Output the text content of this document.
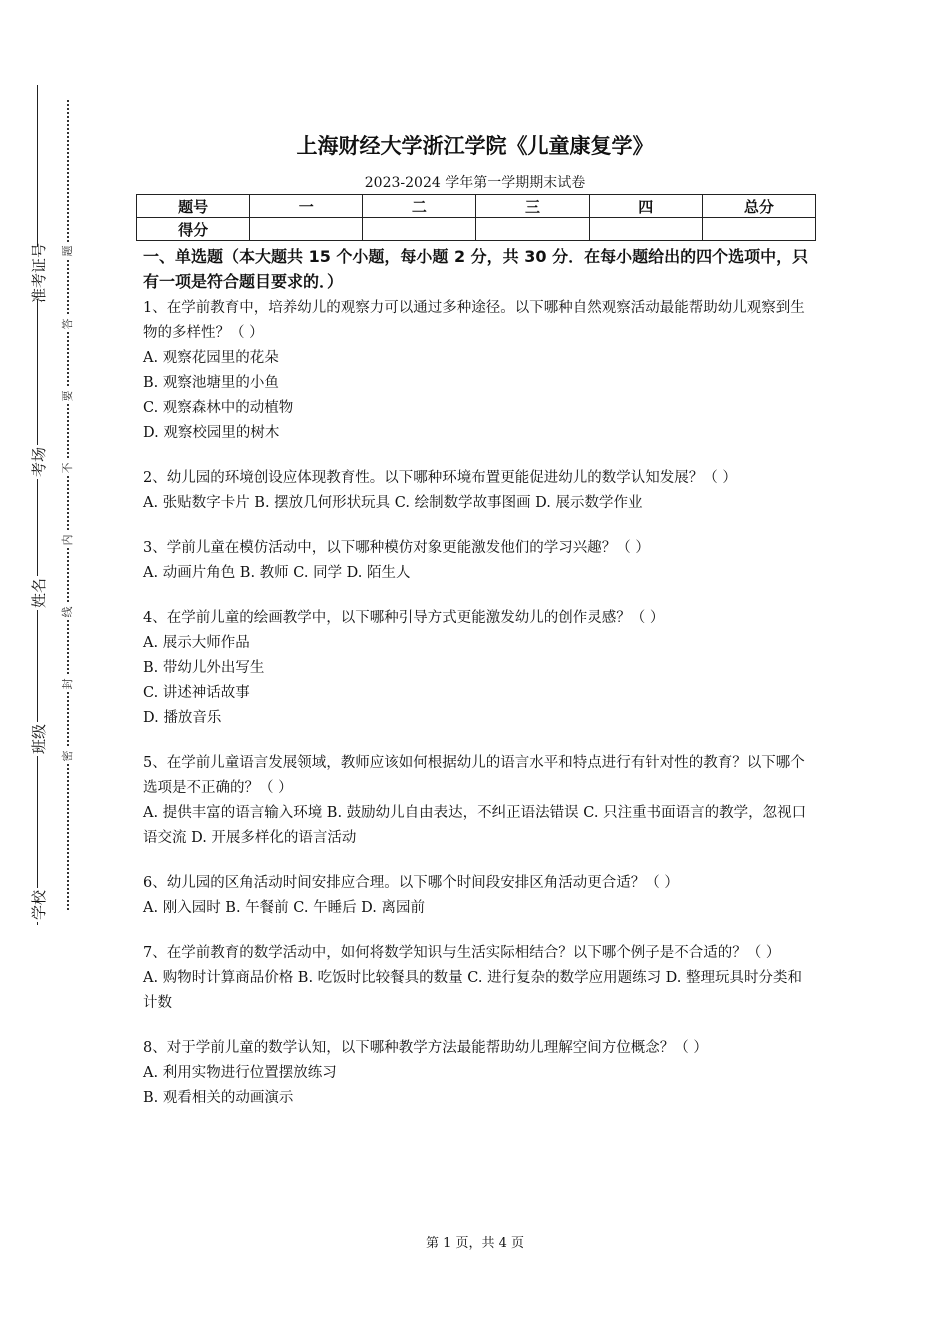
准考证号
考场
姓名
班级
学校
题
答
要
不
内
线
封
密
上海财经大学浙江学院《儿童康复学》
2023-2024 学年第一学期期末试卷
题号	一	二	三	四	总分
得分					
一、单选题（本大题共 15 个小题，每小题 2 分，共 30 分．在每小题给出的四个选项中，只有一项是符合题目要求的．）

1、在学前教育中，培养幼儿的观察力可以通过多种途径。以下哪种自然观察活动最能帮助幼儿观察到生物的多样性？（ ）

A. 观察花园里的花朵

B. 观察池塘里的小鱼

C. 观察森林中的动植物

D. 观察校园里的树木

2、幼儿园的环境创设应体现教育性。以下哪种环境布置更能促进幼儿的数学认知发展？（ ）

A. 张贴数字卡片 B. 摆放几何形状玩具 C. 绘制数学故事图画 D. 展示数学作业

3、学前儿童在模仿活动中，以下哪种模仿对象更能激发他们的学习兴趣？（ ）

A. 动画片角色 B. 教师 C. 同学 D. 陌生人

4、在学前儿童的绘画教学中，以下哪种引导方式更能激发幼儿的创作灵感？（ ）

A. 展示大师作品

B. 带幼儿外出写生

C. 讲述神话故事

D. 播放音乐

5、在学前儿童语言发展领域，教师应该如何根据幼儿的语言水平和特点进行有针对性的教育？以下哪个选项是不正确的？（ ）

A. 提供丰富的语言输入环境 B. 鼓励幼儿自由表达，不纠正语法错误 C. 只注重书面语言的教学，忽视口语交流 D. 开展多样化的语言活动

6、幼儿园的区角活动时间安排应合理。以下哪个时间段安排区角活动更合适？（ ）

A. 刚入园时 B. 午餐前 C. 午睡后 D. 离园前

7、在学前教育的数学活动中，如何将数学知识与生活实际相结合？以下哪个例子是不合适的？（ ）

A. 购物时计算商品价格 B. 吃饭时比较餐具的数量 C. 进行复杂的数学应用题练习 D. 整理玩具时分类和计数

8、对于学前儿童的数学认知，以下哪种教学方法最能帮助幼儿理解空间方位概念？（ ）

A. 利用实物进行位置摆放练习

B. 观看相关的动画演示

第 1 页，共 4 页
